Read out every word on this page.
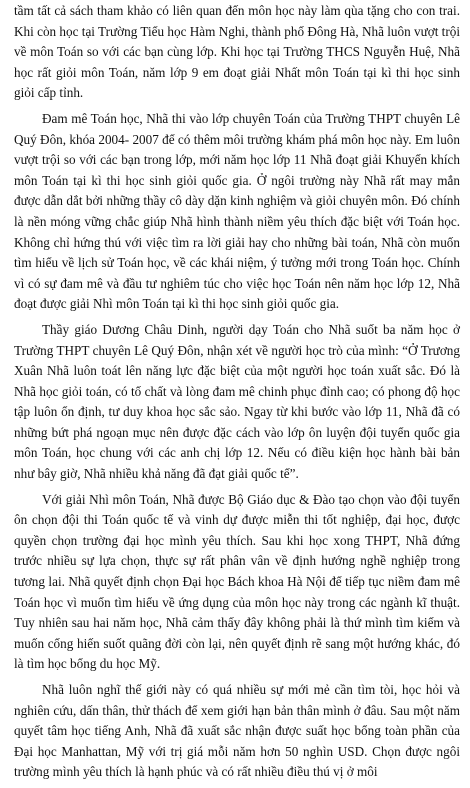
tầm tất cả sách tham khảo có liên quan đến môn học này làm qùa tặng cho con trai. Khi còn học tại Trường Tiểu học Hàm Nghi, thành phố Đông Hà, Nhã luôn vượt trội về môn Toán so với các bạn cùng lớp. Khi học tại Trường THCS Nguyễn Huệ, Nhã học rất giỏi môn Toán, năm lớp 9 em đoạt giải Nhất môn Toán tại kì thi học sinh giỏi cấp tỉnh.

Đam mê Toán học, Nhã thi vào lớp chuyên Toán của Trường THPT chuyên Lê Quý Đôn, khóa 2004- 2007 để có thêm môi trường khám phá môn học này. Em luôn vượt trội so với các bạn trong lớp, mới năm học lớp 11 Nhã đoạt giải Khuyến khích môn Toán tại kì thi học sinh giỏi quốc gia. Ở ngôi trường này Nhã rất may mắn được dẫn dắt bởi những thầy cô dày dặn kinh nghiệm và giỏi chuyên môn. Đó chính là nền móng vững chắc giúp Nhã hình thành niềm yêu thích đặc biệt với Toán học. Không chỉ hứng thú với việc tìm ra lời giải hay cho những bài toán, Nhã còn muốn tìm hiểu về lịch sử Toán học, về các khái niệm, ý tưởng mới trong Toán học. Chính vì có sự đam mê và đầu tư nghiêm túc cho việc học Toán nên năm học lớp 12, Nhã đoạt được giải Nhì môn Toán tại kì thi học sinh giỏi quốc gia.

Thầy giáo Dương Châu Dinh, người dạy Toán cho Nhã suốt ba năm học ở Trường THPT chuyên Lê Quý Đôn, nhận xét về người học trò của mình: “Ở Trương Xuân Nhã luôn toát lên năng lực đặc biệt của một người học toán xuất sắc. Đó là Nhã học giỏi toán, có tố chất và lòng đam mê chinh phục đỉnh cao; có phong độ học tập luôn ổn định, tư duy khoa học sắc sảo. Ngay từ khi bước vào lớp 11, Nhã đã có những bứt phá ngoạn mục nên được đặc cách vào lớp ôn luyện đội tuyển quốc gia môn Toán, học chung với các anh chị lớp 12. Nếu có điều kiện học hành bài bản như bây giờ, Nhã nhiều khả năng đã đạt giải quốc tế”.

Với giải Nhì môn Toán, Nhã được Bộ Giáo dục & Đào tạo chọn vào đội tuyển ôn chọn đội thi Toán quốc tế và vinh dự được miễn thi tốt nghiệp, đại học, được quyền chọn trường đại học mình yêu thích. Sau khi học xong THPT, Nhã đứng trước nhiều sự lựa chọn, thực sự rất phân vân về định hướng nghề nghiệp trong tương lai. Nhã quyết định chọn Đại học Bách khoa Hà Nội để tiếp tục niềm đam mê Toán học vì muốn tìm hiểu về ứng dụng của môn học này trong các ngành kĩ thuật. Tuy nhiên sau hai năm học, Nhã cảm thấy đây không phải là thứ mình tìm kiếm và muốn cống hiến suốt quãng đời còn lại, nên quyết định rẽ sang một hướng khác, đó là tìm học bổng du học Mỹ.

Nhã luôn nghĩ thế giới này có quá nhiều sự mới mẻ cần tìm tòi, học hỏi và nghiên cứu, dấn thân, thử thách để xem giới hạn bản thân mình ở đâu. Sau một năm quyết tâm học tiếng Anh, Nhã đã xuất sắc nhận được suất học bổng toàn phần của Đại học Manhattan, Mỹ với trị giá mỗi năm hơn 50 nghìn USD. Chọn được ngôi trường mình yêu thích là hạnh phúc và có rất nhiều điều thú vị ở môi
